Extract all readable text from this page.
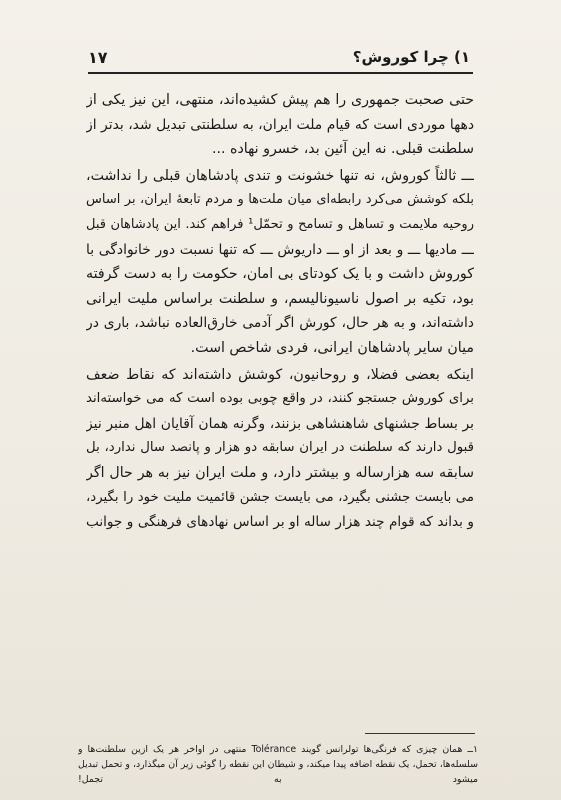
۱) چرا کوروش؟
۱۷
حتی صحبت جمهوری را هم پیش کشیده‌اند، منتهی، این نیز یکی از
دهها موردی است که قیام ملت ایران، به سلطنتی تبدیل شد، بدتر از
سلطنت قبلی. نه این آئین بد، خسرو نهاده ...
ـــ ثالثاً کوروش، نه تنها خشونت و تندی پادشاهان قبلی را نداشت،
بلکه کوشش می‌کرد رابطه‌ای میان ملت‌ها و مردم تابعهٔ ایران، بر اساس
روحیه ملایمت و تساهل و تسامح و تحمّل¹ فراهم کند. این پادشاهان قبل
ـــ مادیها ـــ و بعد از او ـــ داریوش ـــ که تنها نسبت دور خانوادگی با
کوروش داشت و با یک کودتای بی امان، حکومت را به دست گرفته
بود، تکیه بر اصول ناسیونالیسم، و سلطنت براساس ملیت ایرانی
داشته‌اند، و به هر حال، کورش اگر آدمی خارق‌العاده نباشد، باری در
میان سایر پادشاهان ایرانی، فردی شاخص است.
اینکه بعضی فضلا، و روحانیون، کوشش داشته‌اند که نقاط ضعف
برای کوروش جستجو کنند، در واقع چوبی بوده است که می خواسته‌اند
بر بساط جشنهای شاهنشاهی بزنند، وگرنه همان آقایان اهل منبر نیز
قبول دارند که سلطنت در ایران سابقه دو هزار و پانصد سال ندارد، بل
سابقه سه هزارساله و بیشتر دارد، و ملت ایران نیز به هر حال اگر
می بایست جشنی بگیرد، می بایست جشن قائمیت ملیت خود را بگیرد،
و بداند که قوام چند هزار ساله او بر اساس نهادهای فرهنگی و جوانب
۱ــ همان چیزی که فرنگی‌ها تولرانس گویند Tolérance منتهی در اواخر هر یک ازین سلطنت‌ها و
سلسله‌ها، تحمل، یک نقطه اضافه پیدا میکند، و شیطان این نقطه را گوئی زیر آن میگذارد، و تحمل تبدیل
میشود به تجمل!
